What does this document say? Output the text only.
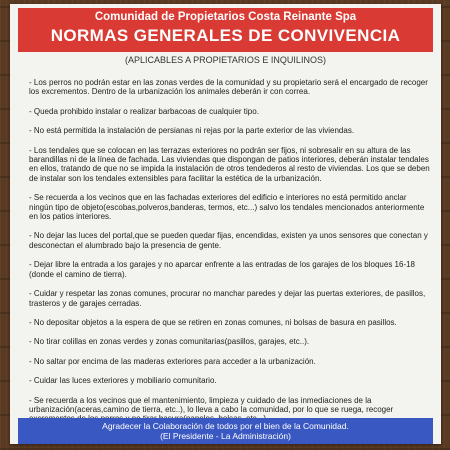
Comunidad de Propietarios Costa Reinante Spa
NORMAS GENERALES DE CONVIVENCIA
(APLICABLES A PROPIETARIOS E INQUILINOS)

- Los perros no podrán estar en las zonas verdes de la comunidad y su propietario será el encargado de recoger los excrementos. Dentro de la urbanización los animales deberán ir con correa.

- Queda prohibido instalar o realizar barbacoas de cualquier tipo.

- No está permitida la instalación de persianas ni rejas por la parte exterior de las viviendas.

- Los tendales que se colocan en las terrazas exteriores no podrán ser fijos, ni sobresalir en su altura de las barandillas ni de la línea de fachada. Las viviendas que dispongan de patios interiores, deberán instalar tendales en ellos, tratando de que no se impida la instalación de otros tendederos al resto de viviendas. Los que se deben de instalar son los tendales extensibles para facilitar la estética de la urbanización.

- Se recuerda a los vecinos que en las fachadas exteriores del edificio e interiores no está permitido anclar ningún tipo de objeto(escobas,polveros,banderas, termos, etc...) salvo los tendales mencionados anteriormente en los patios interiores.

- No dejar las luces del portal,que se pueden quedar fijas, encendidas, existen ya unos sensores que conectan y desconectan el alumbrado bajo la presencia de gente.

- Dejar libre la entrada a los garajes y no aparcar enfrente a las entradas de los garajes de los bloques 16-18 (donde el camino de tierra).

- Cuidar y respetar las zonas comunes, procurar no manchar paredes y dejar las puertas exteriores, de pasillos, trasteros y de garajes cerradas.

- No depositar objetos a la espera de que se retiren en zonas comunes, ni bolsas de basura en pasillos.

- No tirar colillas en zonas verdes y zonas comunitarias(pasillos, garajes, etc..).

- No saltar por encima de las maderas exteriores para acceder a la urbanización.

- Cuidar las luces exteriores y mobiliario comunitario.

- Se recuerda a los vecinos que el mantenimiento, limpieza y cuidado de las inmediaciones de la urbanización(aceras,camino de tierra, etc..), lo lleva a cabo la comunidad, por lo que se ruega, recoger

Agradecer la Colaboración de todos por el bien de la Comunidad.
(El Presidente - La Administración)
